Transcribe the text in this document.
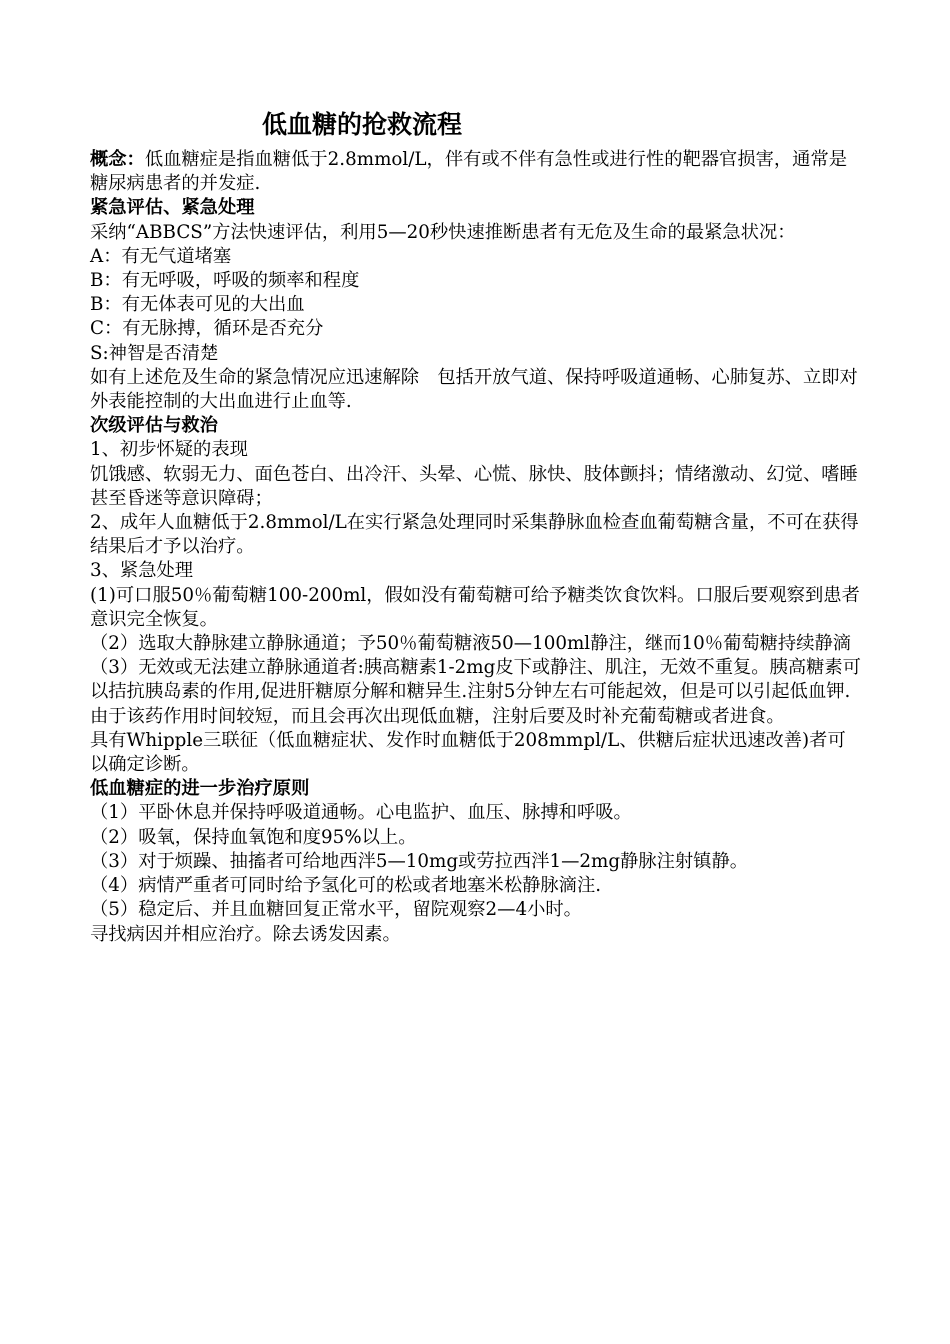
低血糖的抢救流程

概念：低血糖症是指血糖低于2.8mmol/L，伴有或不伴有急性或进行性的靶器官损害，通常是糖尿病患者的并发症.

紧急评估、紧急处理

采纳“ABBCS”方法快速评估，利用5—20秒快速推断患者有无危及生命的最紧急状况：

A：有无气道堵塞

B：有无呼吸，呼吸的频率和程度

B：有无体表可见的大出血

C：有无脉搏，循环是否充分

S:神智是否清楚

如有上述危及生命的紧急情况应迅速解除　包括开放气道、保持呼吸道通畅、心肺复苏、立即对外表能控制的大出血进行止血等.

次级评估与救治

1、初步怀疑的表现

饥饿感、软弱无力、面色苍白、出冷汗、头晕、心慌、脉快、肢体颤抖；情绪激动、幻觉、嗜睡甚至昏迷等意识障碍；

2、成年人血糖低于2.8mmol/L在实行紧急处理同时采集静脉血检查血葡萄糖含量，不可在获得结果后才予以治疗。

3、紧急处理

(1)可口服50％葡萄糖100-200ml，假如没有葡萄糖可给予糖类饮食饮料。口服后要观察到患者意识完全恢复。

（2）选取大静脉建立静脉通道；予50％葡萄糖液50—100ml静注，继而10％葡萄糖持续静滴

（3）无效或无法建立静脉通道者:胰高糖素1-2mg皮下或静注、肌注，无效不重复。胰高糖素可以拮抗胰岛素的作用,促进肝糖原分解和糖异生.注射5分钟左右可能起效，但是可以引起低血钾.由于该药作用时间较短，而且会再次出现低血糖，注射后要及时补充葡萄糖或者进食。

具有Whipple三联征（低血糖症状、发作时血糖低于208mmpl/L、供糖后症状迅速改善)者可以确定诊断。

低血糖症的进一步治疗原则

（1）平卧休息并保持呼吸道通畅。心电监护、血压、脉搏和呼吸。

（2）吸氧，保持血氧饱和度95%以上。

（3）对于烦躁、抽搐者可给地西泮5—10mg或劳拉西泮1—2mg静脉注射镇静。

（4）病情严重者可同时给予氢化可的松或者地塞米松静脉滴注.

（5）稳定后、并且血糖回复正常水平，留院观察2—4小时。

寻找病因并相应治疗。除去诱发因素。
